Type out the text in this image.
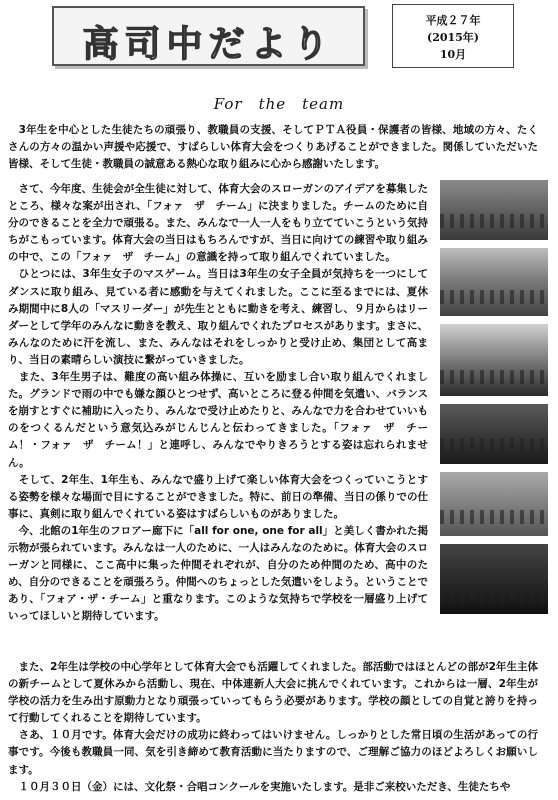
高司中だより
平成２７年
(2015年)
10月
For　the　team
　3年生を中心とした生徒たちの頑張り、教職員の支援、そしてＰＴＡ役員・保護者の皆様、地域の方々、たくさんの方々の温かい声援や応援で、すばらしい体育大会をつくりあげることができました。関係していただいた皆様、そして生徒・教職員の誠意ある熱心な取り組みに心から感謝いたします。
　さて、今年度、生徒会が全生徒に対して、体育大会のスローガンのアイデアを募集したところ、様々な案が出され、「フォァ　ザ　チーム」に決まりました。チームのために自分のできることを全力で頑張る。また、みんなで一人一人をもり立てていこうという気持ちがこもっています。体育大会の当日はもちろんですが、当日に向けての練習や取り組みの中で、この「フォァ　ザ　チーム」の意識を持って取り組んでくれていました。
　ひとつには、3年生女子のマスゲーム。当日は3年生の女子全員が気持ちを一つにしてダンスに取り組み、見ている者に感動を与えてくれました。ここに至るまでには、夏休み期間中に8人の「マスリーダー」が先生とともに動きを考え、練習し、９月からはリーダーとして学年のみんなに動きを教え、取り組んでくれたプロセスがあります。まさに、みんなのために汗を流し、また、みんなはそれをしっかりと受け止め、集団として高まり、当日の素晴らしい演技に繋がっていきました。
　また、3年生男子は、難度の高い組み体操に、互いを励まし合い取り組んでくれました。グランドで雨の中でも嫌な顔ひとつせず、高いところに登る仲間を気遣い、バランスを崩すとすぐに補助に入ったり、みんなで受け止めたりと、みんなで力を合わせていいものをつくるんだという意気込みがじんじんと伝わってきました。「フォァ　ザ　チーム！・フォァ　ザ　チーム！」と連呼し、みんなでやりきろうとする姿は忘れられません。
　そして、2年生、1年生も、みんなで盛り上げて楽しい体育大会をつくっていこうとする姿勢を様々な場面で目にすることができました。特に、前日の準備、当日の係りでの仕事に、真剣に取り組んでくれている姿はすばらしいものがありました。
　今、北館の1年生のフロアー廊下に「all for one, one for all」と美しく書かれた掲示物が張られています。みんなは一人のために、一人はみんなのために。体育大会のスローガンと同様に、ここ高中に集った仲間それぞれが、自分のため仲間のため、高中のため、自分のできることを頑張ろう。仲間へのちょっとした気遣いをしよう。ということであり、「フォア・ザ・チーム」と重なります。このような気持ちで学校を一層盛り上げていってほしいと期待しています。
　また、2年生は学校の中心学年として体育大会でも活躍してくれました。部活動ではほとんどの部が2年生主体の新チームとして夏休みから活動し、現在、中体連新人大会に挑んでくれています。これからは一層、2年生が学校の活力を生み出す原動力となり頑張っていってもらう必要があります。学校の顔としての自覚と誇りを持って行動してくれることを期待しています。
　さあ、１０月です。体育大会だけの成功に終わってはいけません。しっかりとした常日頃の生活があっての行事です。今後も教職員一同、気を引き締めて教育活動に当たりますので、ご理解ご協力のほどよろしくお願いします。
　１０月３０日（金）には、文化祭・合唱コンクールを実施いたします。是非ご来校いただき、生徒たちや
